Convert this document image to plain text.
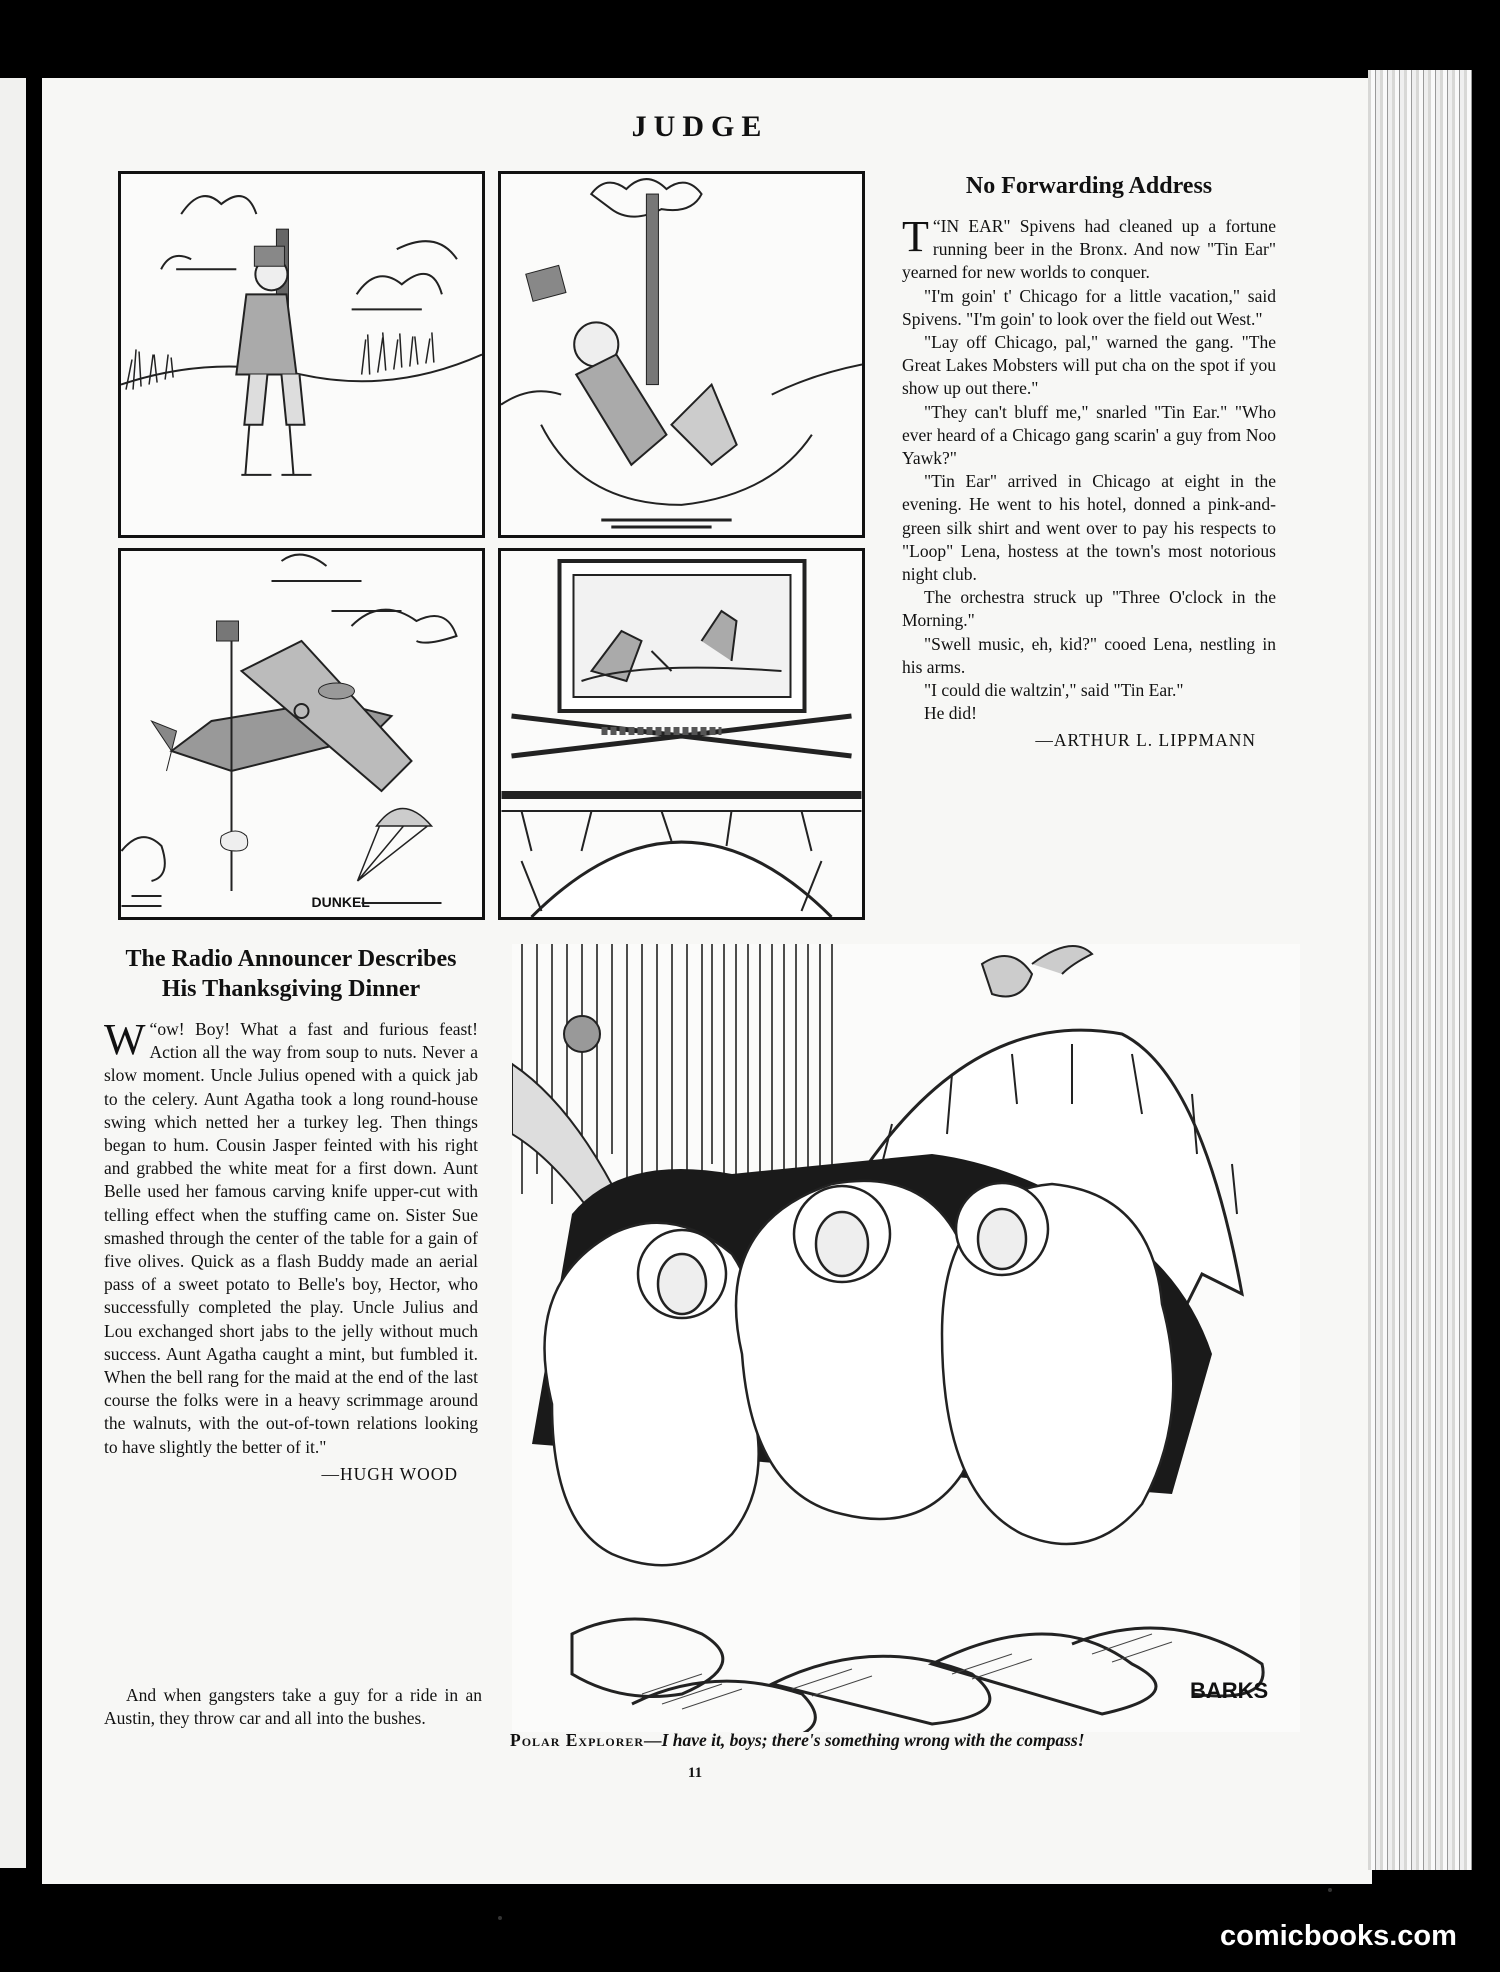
JUDGE
DUNKEL
No Forwarding Address

“
T IN EAR" Spivens had cleaned up a fortune running beer in the Bronx. And now "Tin Ear" yearned for new worlds to conquer.

"I'm goin' t' Chicago for a little vacation," said Spivens. "I'm goin' to look over the field out West."

"Lay off Chicago, pal," warned the gang. "The Great Lakes Mobsters will put cha on the spot if you show up out there."

"They can't bluff me," snarled "Tin Ear." "Who ever heard of a Chicago gang scarin' a guy from Noo Yawk?"

"Tin Ear" arrived in Chicago at eight in the evening. He went to his hotel, donned a pink-and-green silk shirt and went over to pay his respects to "Loop" Lena, hostess at the town's most notorious night club.

The orchestra struck up "Three O'clock in the Morning."

"Swell music, eh, kid?" cooed Lena, nestling in his arms.

"I could die waltzin'," said "Tin Ear."

He did!

—ARTHUR L. LIPPMANN
The Radio Announcer Describes
His Thanksgiving Dinner

“
W ow! Boy! What a fast and furious feast! Action all the way from soup to nuts. Never a slow moment. Uncle Julius opened with a quick jab to the celery. Aunt Agatha took a long round-house swing which netted her a turkey leg. Then things began to hum. Cousin Jasper feinted with his right and grabbed the white meat for a first down. Aunt Belle used her famous carving knife upper-cut with telling effect when the stuffing came on. Sister Sue smashed through the center of the table for a gain of five olives. Quick as a flash Buddy made an aerial pass of a sweet potato to Belle's boy, Hector, who successfully completed the play. Uncle Julius and Lou exchanged short jabs to the jelly without much success. Aunt Agatha caught a mint, but fumbled it. When the bell rang for the maid at the end of the last course the folks were in a heavy scrimmage around the walnuts, with the out-of-town relations looking to have slightly the better of it."

—HUGH WOOD

And when gangsters take a guy for a ride in an Austin, they throw car and all into the bushes.

BARKS
Polar Explorer—I have it, boys; there's something wrong with the compass!
11
comicbooks.com
